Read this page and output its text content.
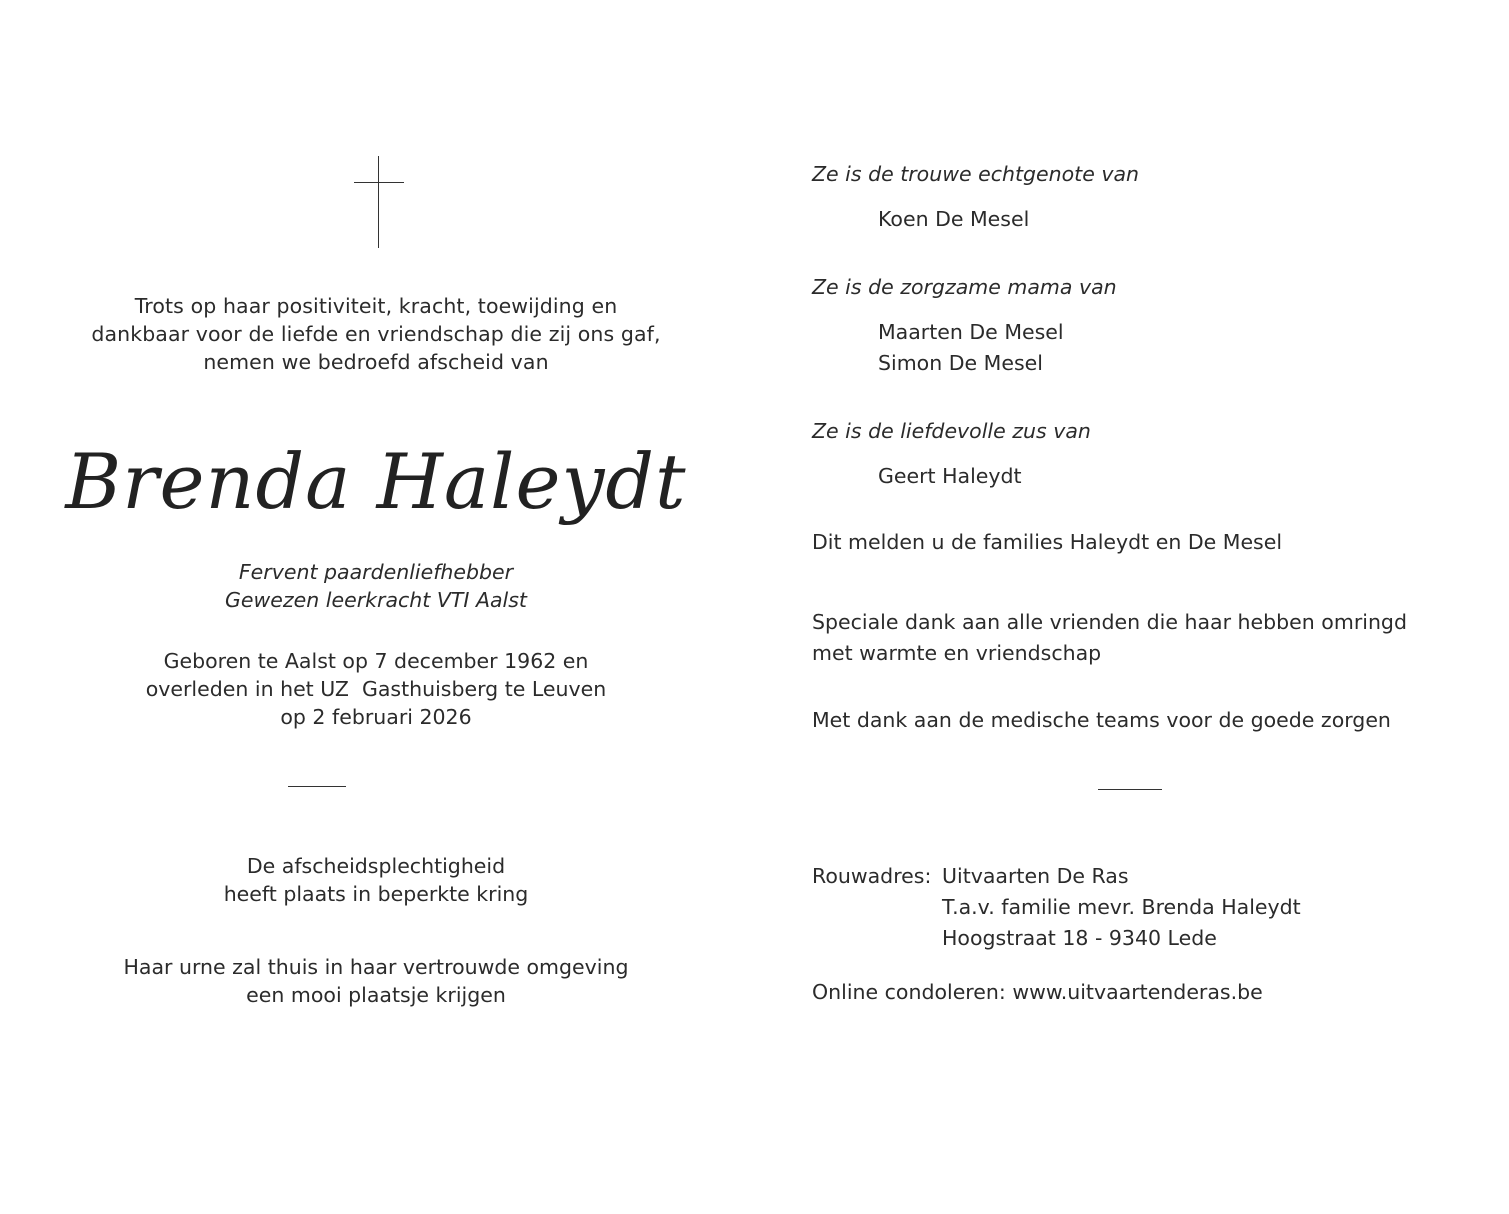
Trots op haar positiviteit, kracht, toewijding en
dankbaar voor de liefde en vriendschap die zij ons gaf,
nemen we bedroefd afscheid van
Brenda Haleydt
Fervent paardenliefhebber
Gewezen leerkracht VTI Aalst
Geboren te Aalst op 7 december 1962 en
overleden in het UZ  Gasthuisberg te Leuven
op 2 februari 2026
De afscheidsplechtigheid
heeft plaats in beperkte kring
Haar urne zal thuis in haar vertrouwde omgeving
een mooi plaatsje krijgen
Ze is de trouwe echtgenote van
Koen De Mesel
Ze is de zorgzame mama van
Maarten De Mesel
Simon De Mesel
Ze is de liefdevolle zus van
Geert Haleydt
Dit melden u de families Haleydt en De Mesel
Speciale dank aan alle vrienden die haar hebben omringd
met warmte en vriendschap
Met dank aan de medische teams voor de goede zorgen
Rouwadres: Uitvaarten De Ras
T.a.v. familie mevr. Brenda Haleydt
Hoogstraat 18 - 9340 Lede
Online condoleren: www.uitvaartenderas.be
